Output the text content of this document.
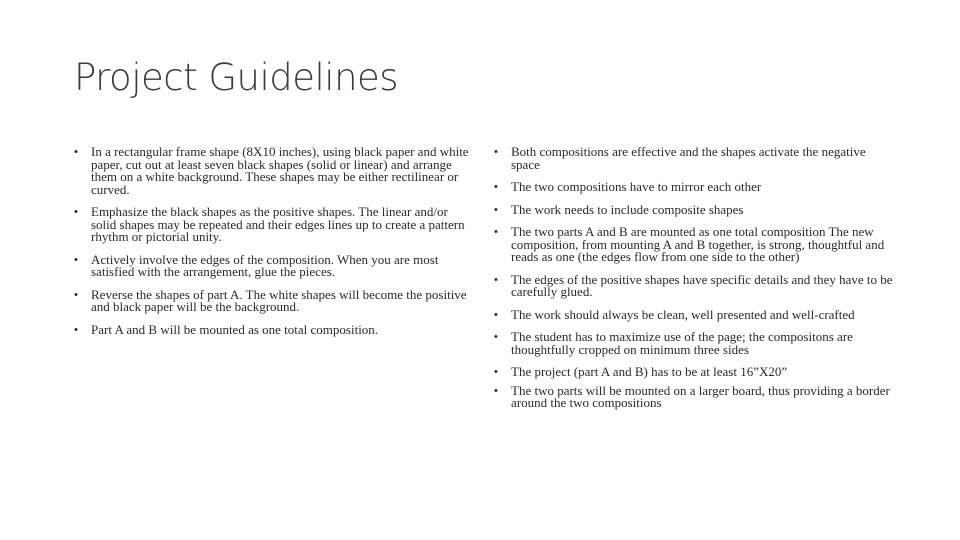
Project Guidelines
• In a rectangular frame shape (8X10 inches), using black paper and white paper, cut out at least seven black shapes (solid or linear) and arrange them on a white background. These shapes may be either rectilinear or curved.
• Emphasize the black shapes as the positive shapes. The linear and/or solid shapes may be repeated and their edges lines up to create a pattern rhythm or pictorial unity.
• Actively involve the edges of the composition. When you are most satisfied with the arrangement, glue the pieces.
• Reverse the shapes of part A. The white shapes will become the positive and black paper will be the background.
• Part A and B will be mounted as one total composition.
• Both compositions are effective and the shapes activate the negative space
• The two compositions have to mirror each other
• The work needs to include composite shapes
• The two parts A and B are mounted as one total composition The new composition, from mounting A and B together, is strong, thoughtful and reads as one (the edges flow from one side to the other)
• The edges of the positive shapes have specific details and they have to be carefully glued.
• The work should always be clean, well presented and well-crafted
• The student has to maximize use of the page; the compositons are thoughtfully cropped on minimum three sides
• The project (part A and B) has to be at least 16”X20”
• The two parts will be mounted on a larger board, thus providing a border around the two compositions
